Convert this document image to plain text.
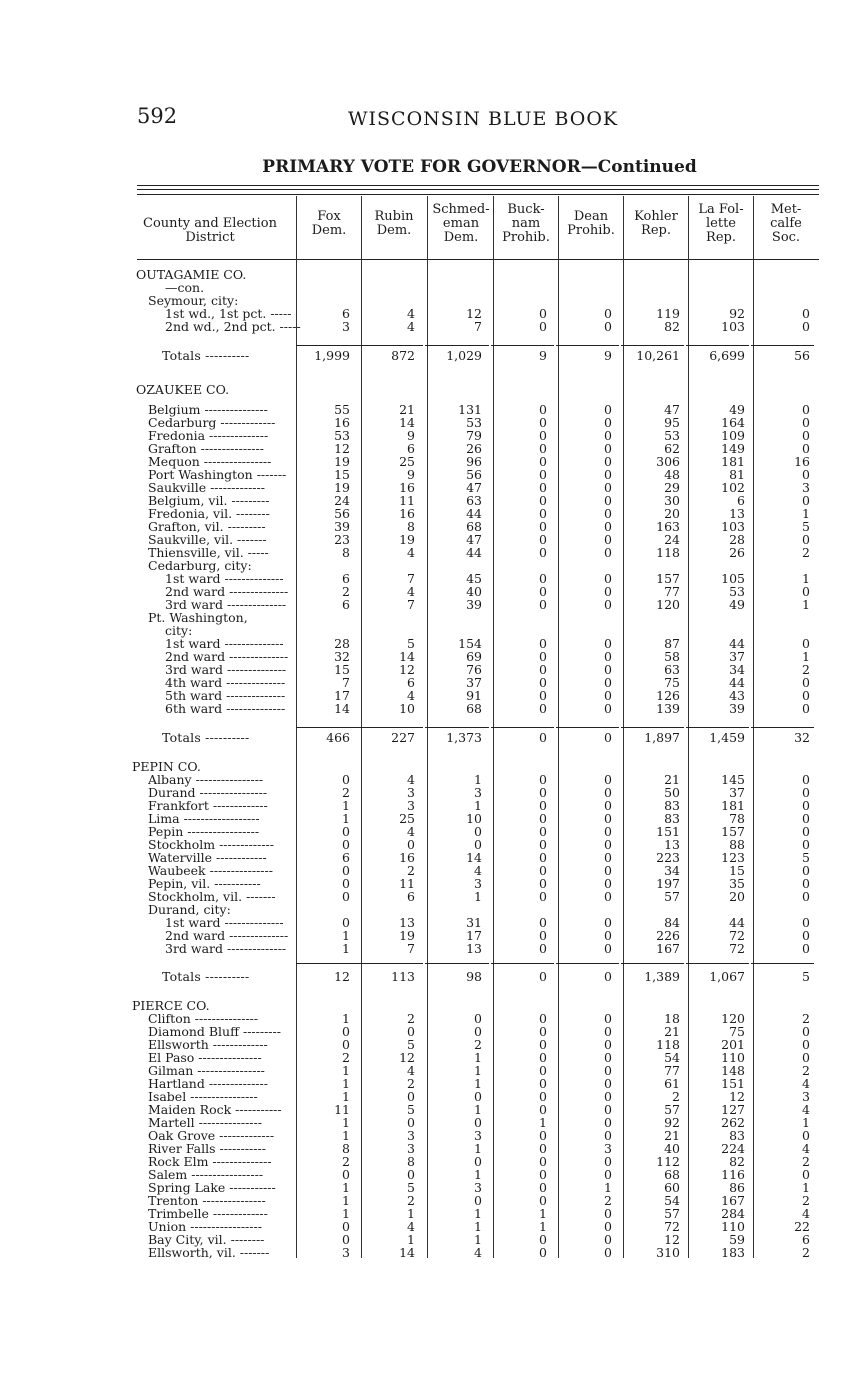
592	WISCONSIN BLUE BOOK
PRIMARY VOTE FOR GOVERNOR—Continued
County and Election
District
Fox
Dem.
Rubin
Dem.
Schmed-
eman
Dem.
Buck-
nam
Prohib.
Dean
Prohib.
Kohler
Rep.
La Fol-
lette
Rep.
Met-
calfe
Soc.
OUTAGAMIE CO.
—con.
Seymour, city:
1st wd., 1st pct. -----	6	4	12	0	0	119	92	0
2nd wd., 2nd pct. -----	3	4	7	0	0	82	103	0
Totals ----------	1,999	872 1,029	9	9 10,261 6,699	56
OZAUKEE CO.
Belgium ---------------	55	21	131	0	0	47	49	0
Cedarburg -------------	16	14	53	0	0	95	164	0
Fredonia --------------	53	9	79	0	0	53	109	0
Grafton ---------------	12	6	26	0	0	62	149	0
Mequon ----------------	19	25	96	0	0	306	181	16
Port Washington -------	15	9	56	0	0	48	81	0
Saukville -------------	19	16	47	0	0	29	102	3
Belgium, vil. ---------	24	11	63	0	0	30	6	0
Fredonia, vil. --------	56	16	44	0	0	20	13	1
Grafton, vil. ---------	39	8	68	0	0	163	103	5
Saukville, vil. -------	23	19	47	0	0	24	28	0
Thiensville, vil. -----	8	4	44	0	0	118	26	2
Cedarburg, city:
1st ward --------------	6	7	45	0	0	157	105	1
2nd ward --------------	2	4	40	0	0	77	53	0
3rd ward --------------	6	7	39	0	0	120	49	1
Pt. Washington,
city:
1st ward --------------	28	5	154	0	0	87	44	0
2nd ward --------------	32	14	69	0	0	58	37	1
3rd ward --------------	15	12	76	0	0	63	34	2
4th ward --------------	7	6	37	0	0	75	44	0
5th ward --------------	17	4	91	0	0	126	43	0
6th ward --------------	14	10	68	0	0	139	39	0
Totals ----------	466	227 1,373	0	0	1,897 1,459	32
PEPIN CO.
Albany ----------------	0	4	1	0	0	21	145	0
Durand ----------------	2	3	3	0	0	50	37	0
Frankfort -------------	1	3	1	0	0	83	181	0
Lima ------------------	1	25	10	0	0	83	78	0
Pepin -----------------	0	4	0	0	0	151	157	0
Stockholm -------------	0	0	0	0	0	13	88	0
Waterville ------------	6	16	14	0	0	223	123	5
Waubeek ---------------	0	2	4	0	0	34	15	0
Pepin, vil. -----------	0	11	3	0	0	197	35	0
Stockholm, vil. -------	0	6	1	0	0	57	20	0
Durand, city:
1st ward --------------	0	13	31	0	0	84	44	0
2nd ward --------------	1	19	17	0	0	226	72	0
3rd ward --------------	1	7	13	0	0	167	72	0
Totals ----------	12	113	98	0	0	1,389 1,067	5
PIERCE CO.
Clifton ---------------	1	2	0	0	0	18	120	2
Diamond Bluff ---------	0	0	0	0	0	21	75	0
Ellsworth -------------	0	5	2	0	0	118	201	0
El Paso ---------------	2	12	1	0	0	54	110	0
Gilman ----------------	1	4	1	0	0	77	148	2
Hartland --------------	1	2	1	0	0	61	151	4
Isabel ----------------	1	0	0	0	0	2	12	3
Maiden Rock -----------	11	5	1	0	0	57	127	4
Martell ---------------	1	0	0	1	0	92	262	1
Oak Grove -------------	1	3	3	0	0	21	83	0
River Falls -----------	8	3	1	0	3	40	224	4
Rock Elm --------------	2	8	0	0	0	112	82	2
Salem -----------------	0	0	1	0	0	68	116	0
Spring Lake -----------	1	5	3	0	1	60	86	1
Trenton ---------------	1	2	0	0	2	54	167	2
Trimbelle -------------	1	1	1	1	0	57	284	4
Union -----------------	0	4	1	1	0	72	110	22
Bay City, vil. --------	0	1	1	0	0	12	59	6
Ellsworth, vil. -------	3	14	4	0	0	310	183	2
